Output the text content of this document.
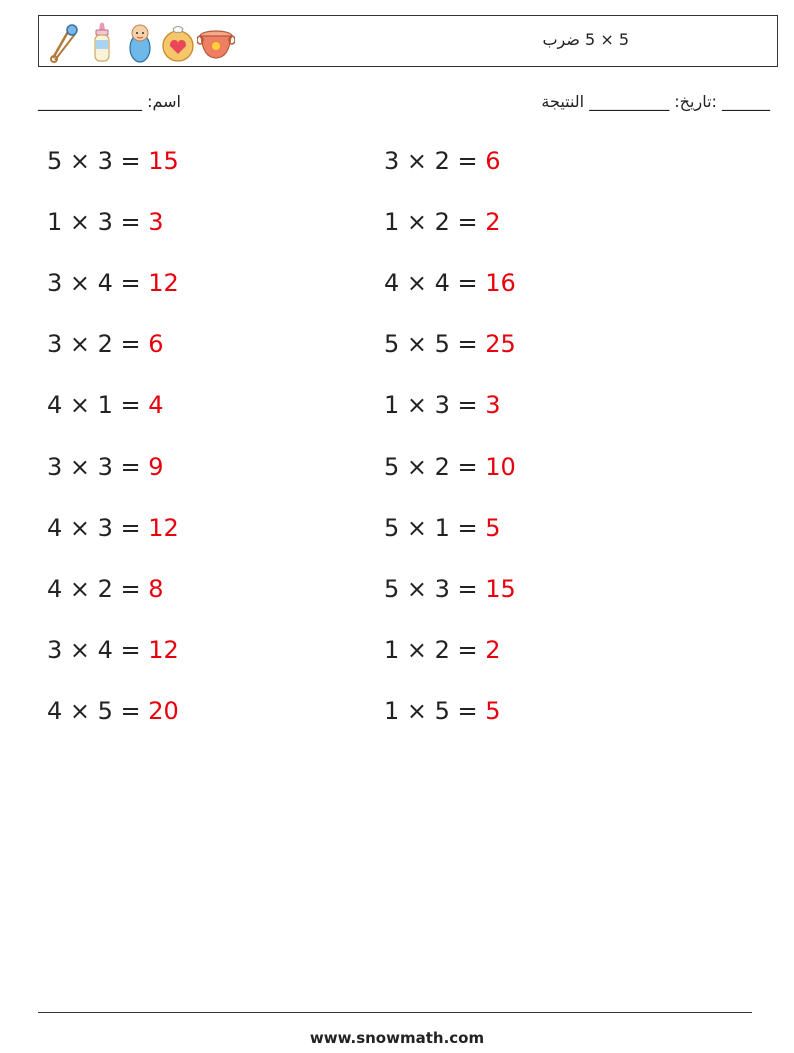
5 × 5 ضرب
______ :تاريخ: __________ النتيجة
اسم: _____________
5 × 3 = 15
1 × 3 = 3
3 × 4 = 12
3 × 2 = 6
4 × 1 = 4
3 × 3 = 9
4 × 3 = 12
4 × 2 = 8
3 × 4 = 12
4 × 5 = 20
3 × 2 = 6
1 × 2 = 2
4 × 4 = 16
5 × 5 = 25
1 × 3 = 3
5 × 2 = 10
5 × 1 = 5
5 × 3 = 15
1 × 2 = 2
1 × 5 = 5
www.snowmath.com
